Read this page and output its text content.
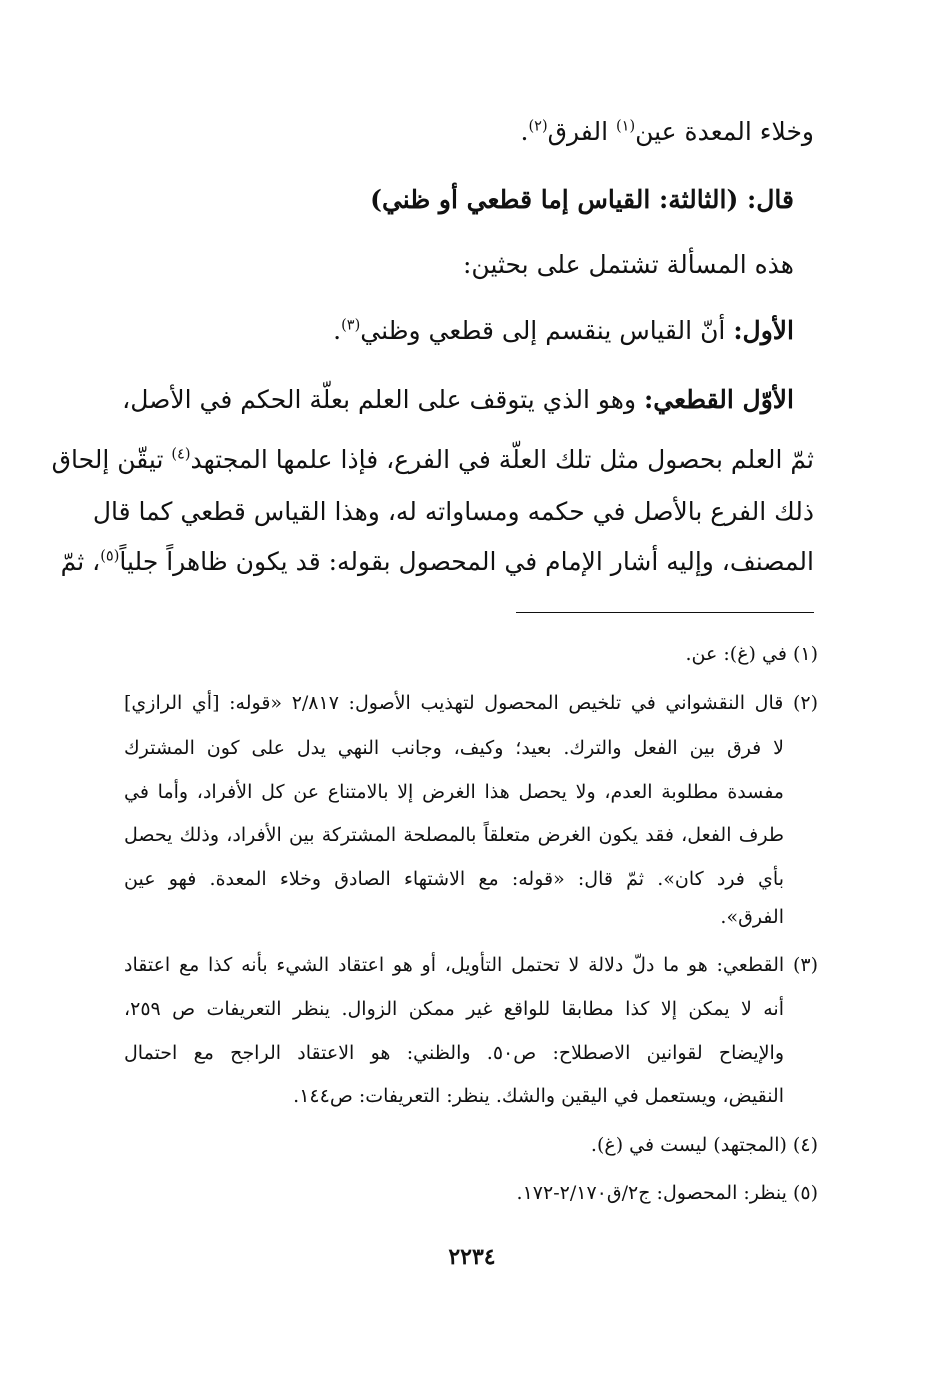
وخلاء المعدة عين$^{(١)}$ الفرق$^{(٢)}$.
قال: (الثالثة: القياس إما قطعي أو ظني)
هذه المسألة تشتمل على بحثين:
الأول: أنّ القياس ينقسم إلى قطعي وظني$^{(٣)}$.
الأوّل القطعي: وهو الذي يتوقف على العلم بعلّة الحكم في الأصل،
ثمّ العلم بحصول مثل تلك العلّة في الفرع، فإذا علمها المجتهد$^{(٤)}$ تيقّن إلحاق
ذلك الفرع بالأصل في حكمه ومساواته له، وهذا القياس قطعي كما قال
المصنف، وإليه أشار الإمام في المحصول بقوله: قد يكون ظاهراً جلياً$^{(٥)}$، ثمّ
(١) في (غ): عن.
(٢) قال النقشواني في تلخيص المحصول لتهذيب الأصول: ٢/٨١٧ «قوله: [أي الرازي]
لا فرق بين الفعل والترك. بعيد؛ وكيف، وجانب النهي يدل على كون المشترك
مفسدة مطلوبة العدم، ولا يحصل هذا الغرض إلا بالامتناع عن كل الأفراد، وأما في
طرف الفعل، فقد يكون الغرض متعلقاً بالمصلحة المشتركة بين الأفراد، وذلك يحصل
بأي فرد كان». ثمّ قال: «قوله: مع الاشتهاء الصادق وخلاء المعدة. فهو عين
الفرق».
(٣) القطعي: هو ما دلّ دلالة لا تحتمل التأويل، أو هو اعتقاد الشيء بأنه كذا مع اعتقاد
أنه لا يمكن إلا كذا مطابقا للواقع غير ممكن الزوال. ينظر التعريفات ص ٢٥٩،
والإيضاح لقوانين الاصطلاح: ص٥٠. والظني: هو الاعتقاد الراجح مع احتمال
النقيض، ويستعمل في اليقين والشك. ينظر: التعريفات: ص١٤٤.
(٤) (المجتهد) ليست في (غ).
(٥) ينظر: المحصول: ج٢/ق٢/١٧٠-١٧٢.
٢٢٣٤
